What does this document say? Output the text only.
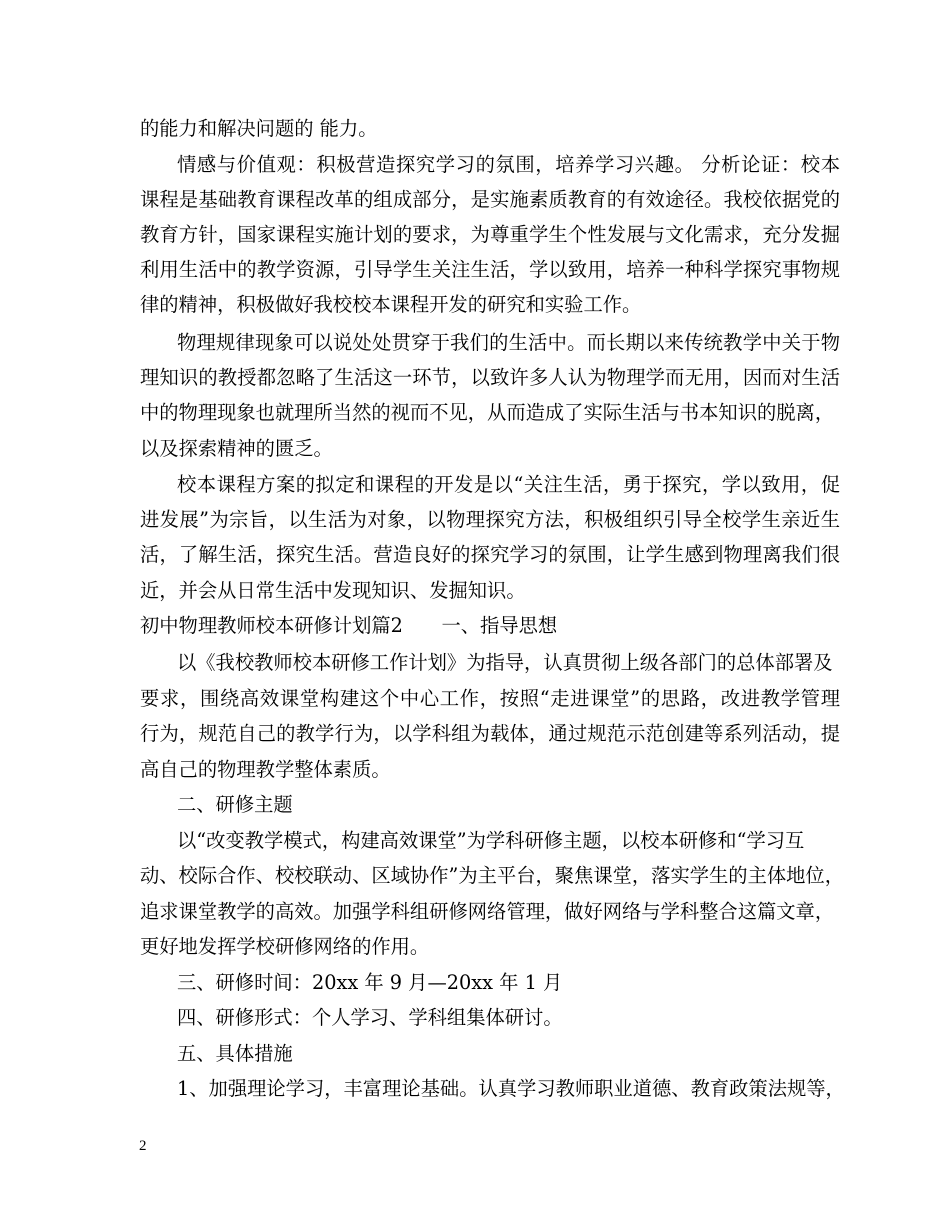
的能力和解决问题的 能力。
情感与价值观：积极营造探究学习的氛围，培养学习兴趣。 分析论证：校本
课程是基础教育课程改革的组成部分，是实施素质教育的有效途径。我校依据党的
教育方针，国家课程实施计划的要求，为尊重学生个性发展与文化需求，充分发掘
利用生活中的教学资源，引导学生关注生活，学以致用，培养一种科学探究事物规
律的精神，积极做好我校校本课程开发的研究和实验工作。
物理规律现象可以说处处贯穿于我们的生活中。而长期以来传统教学中关于物
理知识的教授都忽略了生活这一环节，以致许多人认为物理学而无用，因而对生活
中的物理现象也就理所当然的视而不见，从而造成了实际生活与书本知识的脱离，
以及探索精神的匮乏。
校本课程方案的拟定和课程的开发是以“关注生活，勇于探究，学以致用，促
进发展”为宗旨，以生活为对象，以物理探究方法，积极组织引导全校学生亲近生
活，了解生活，探究生活。营造良好的探究学习的氛围，让学生感到物理离我们很
近，并会从日常生活中发现知识、发掘知识。
初中物理教师校本研修计划篇2　　一、指导思想
以《我校教师校本研修工作计划》为指导，认真贯彻上级各部门的总体部署及
要求，围绕高效课堂构建这个中心工作，按照“走进课堂”的思路，改进教学管理
行为，规范自己的教学行为，以学科组为载体，通过规范示范创建等系列活动，提
高自己的物理教学整体素质。
二、研修主题
以“改变教学模式，构建高效课堂”为学科研修主题，以校本研修和“学习互
动、校际合作、校校联动、区域协作”为主平台，聚焦课堂，落实学生的主体地位，
追求课堂教学的高效。加强学科组研修网络管理，做好网络与学科整合这篇文章，
更好地发挥学校研修网络的作用。
三、研修时间：20xx 年 9 月—20xx 年 1 月
四、研修形式：个人学习、学科组集体研讨。
五、具体措施
1、加强理论学习，丰富理论基础。认真学习教师职业道德、教育政策法规等，
2
